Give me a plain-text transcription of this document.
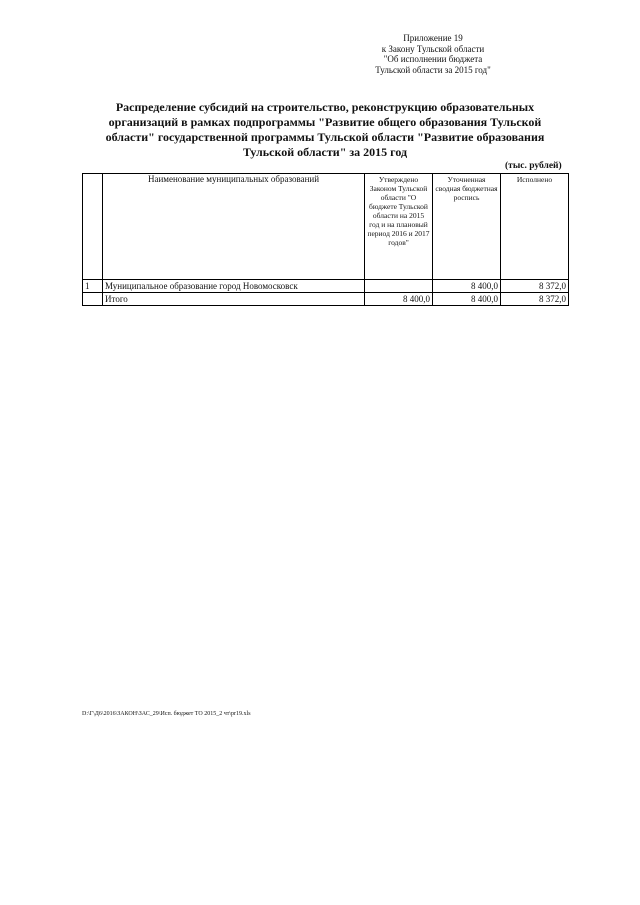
Приложение 19
к Закону Тульской области
"Об исполнении бюджета
Тульской области за 2015 год"
Распределение субсидий на строительство, реконструкцию образовательных
организаций в рамках подпрограммы "Развитие общего образования Тульской
области" государственной программы Тульской области "Развитие образования
Тульской области" за 2015 год
(тыс. рублей)
	Наименование муниципальных образований	Утверждено Законом Тульской области "О бюджете Тульской области на 2015 год и на плановый период 2016 и 2017 годов"	Уточненная сводная бюджетная роспись	Исполнено
1	Муниципальное образование город Новомосковск		8 400,0	8 372,0
	Итого	8 400,0	8 400,0	8 372,0
D:\Г\Д6\2016\ЗАКОН\ЗАС_29\Исп. бюджет ТО 2015_2 чт\pr19.xls
